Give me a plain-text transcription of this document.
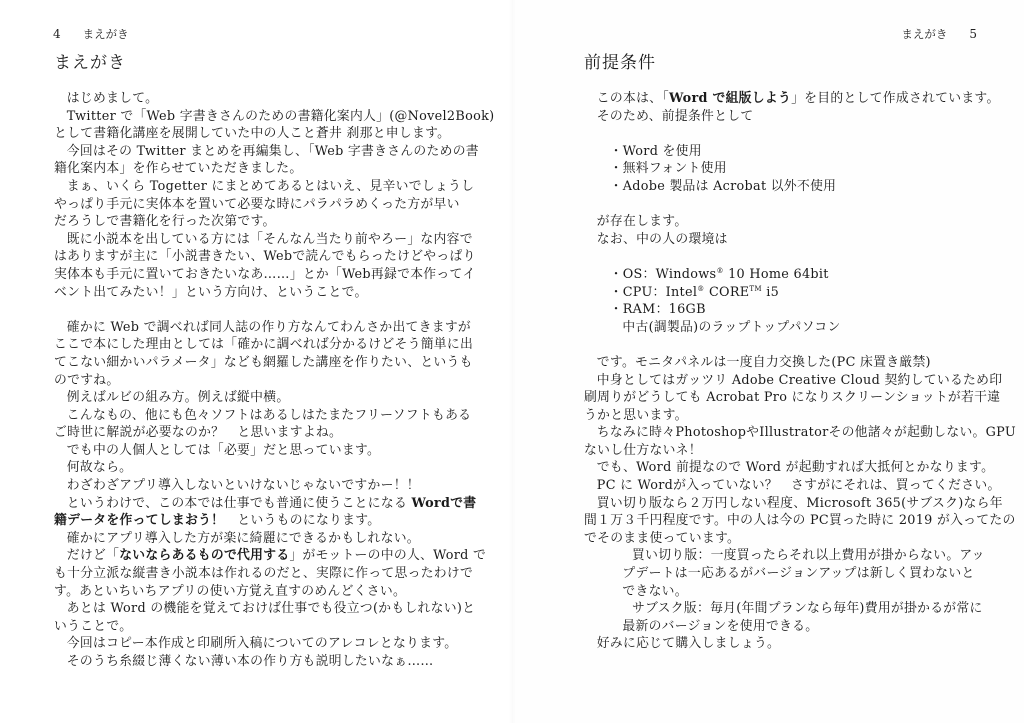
4 まえがき
まえがき
はじめまして。
Twitter で「Web 字書きさんのための書籍化案内人」(@Novel2Book)
として書籍化講座を展開していた中の人こと蒼井 刹那と申します。
今回はその Twitter まとめを再編集し、「Web 字書きさんのための書
籍化案内本」を作らせていただきました。
まぁ、いくら Togetter にまとめてあるとはいえ、見辛いでしょうし
やっぱり手元に実体本を置いて必要な時にパラパラめくった方が早い
だろうしで書籍化を行った次第です。
既に小説本を出している方には「そんなん当たり前やろー」な内容で
はありますが主に「小説書きたい、Webで読んでもらったけどやっぱり
実体本も手元に置いておきたいなあ……」とか「Web再録で本作ってイ
ベント出てみたい！」という方向け、ということで。
確かに Web で調べれば同人誌の作り方なんてわんさか出てきますが
ここで本にした理由としては「確かに調べれば分かるけどそう簡単に出
てこない細かいパラメータ」なども網羅した講座を作りたい、というも
のですね。
例えばルビの組み方。例えば縦中横。
こんなもの、他にも色々ソフトはあるしはたまたフリーソフトもある
ご時世に解説が必要なのか？　と思いますよね。
でも中の人個人としては「必要」だと思っています。
何故なら。
わざわざアプリ導入しないといけないじゃないですかー！！
というわけで、この本では仕事でも普通に使うことになる Wordで書
籍データを作ってしまおう！　というものになります。
確かにアプリ導入した方が楽に綺麗にできるかもしれない。
だけど「ないならあるもので代用する」がモットーの中の人、Word で
も十分立派な縦書き小説本は作れるのだと、実際に作って思ったわけで
す。あといちいちアプリの使い方覚え直すのめんどくさい。
あとは Word の機能を覚えておけば仕事でも役立つ(かもしれない)と
いうことで。
今回はコピー本作成と印刷所入稿についてのアレコレとなります。
そのうち糸綴じ薄くない薄い本の作り方も説明したいなぁ……
まえがき 5
前提条件
この本は、「Word で組版しよう」を目的として作成されています。
そのため、前提条件として
・Word を使用
・無料フォント使用
・Adobe 製品は Acrobat 以外不使用
が存在します。
なお、中の人の環境は
・OS：Windows® 10 Home 64bit
・CPU：Intel® CORE™ i5
・RAM：16GB
中古(調製品)のラップトップパソコン
です。モニタパネルは一度自力交換した(PC 床置き厳禁)
中身としてはガッツリ Adobe Creative Cloud 契約しているため印
刷周りがどうしても Acrobat Pro になりスクリーンショットが若干違
うかと思います。
ちなみに時々PhotoshopやIllustratorその他諸々が起動しない。GPU
ないし仕方ないネ！
でも、Word 前提なので Word が起動すれば大抵何とかなります。
PC に Wordが入っていない？　さすがにそれは、買ってください。
買い切り版なら２万円しない程度、Microsoft 365(サブスク)なら年
間１万３千円程度です。中の人は今の PC買った時に 2019 が入ってたの
でそのまま使っています。
買い切り版：一度買ったらそれ以上費用が掛からない。アッ
プデートは一応あるがバージョンアップは新しく買わないと
できない。
サブスク版：毎月(年間プランなら毎年)費用が掛かるが常に
最新のバージョンを使用できる。
好みに応じて購入しましょう。
